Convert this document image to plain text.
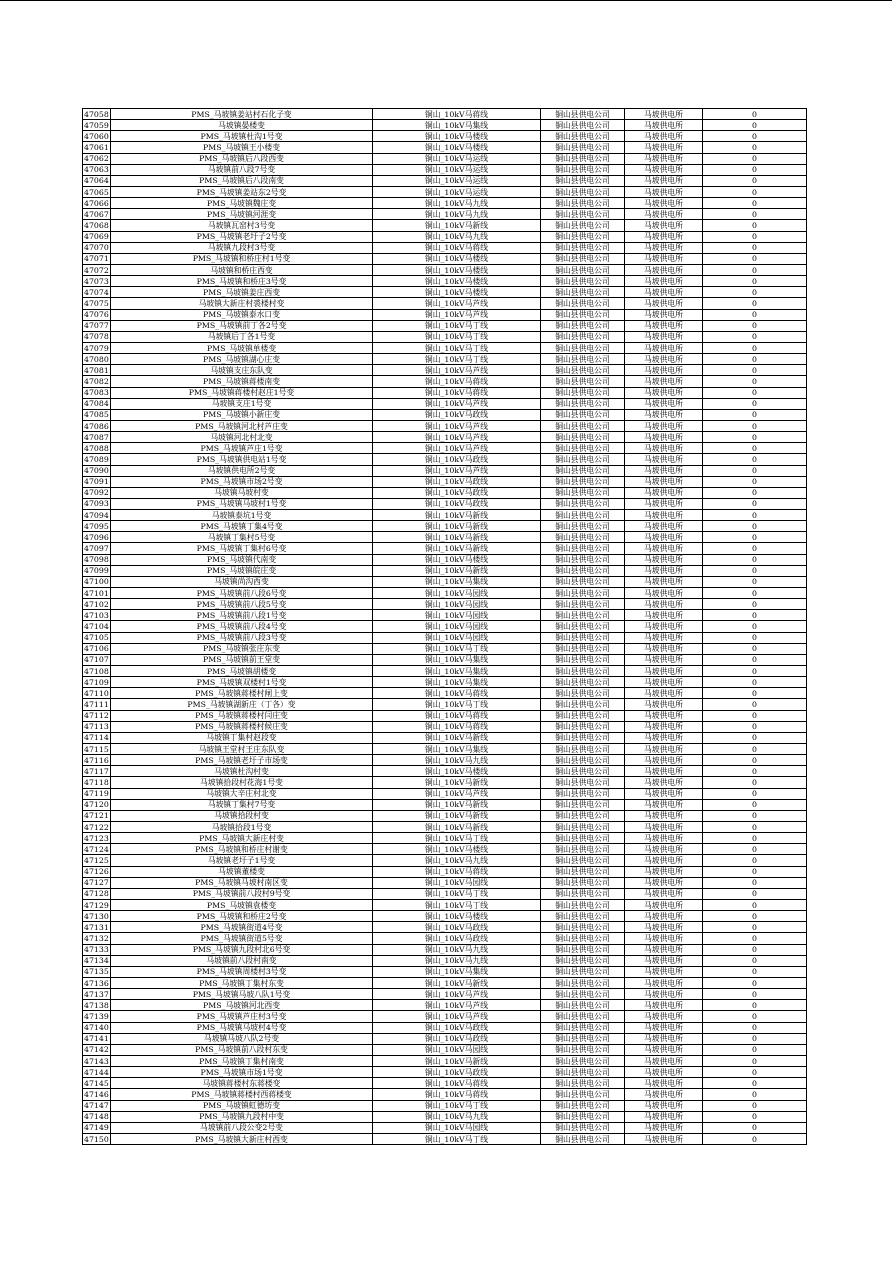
47058	PMS_马坡镇姜站村石化子变	铜山_10kV马蒋线	铜山县供电公司	马坡供电所	0
47059	马坡镇晏楼变	铜山_10kV马集线	铜山县供电公司	马坡供电所	0
47060	PMS_马坡镇杜沟1号变	铜山_10kV马楼线	铜山县供电公司	马坡供电所	0
47061	PMS_马坡镇王小楼变	铜山_10kV马楼线	铜山县供电公司	马坡供电所	0
47062	PMS_马坡镇后八段西变	铜山_10kV马运线	铜山县供电公司	马坡供电所	0
47063	马坡镇前八段7号变	铜山_10kV马运线	铜山县供电公司	马坡供电所	0
47064	PMS_马坡镇后八段南变	铜山_10kV马运线	铜山县供电公司	马坡供电所	0
47065	PMS_马坡镇姜站东2号变	铜山_10kV马运线	铜山县供电公司	马坡供电所	0
47066	PMS_马坡镇魏庄变	铜山_10kV马九线	铜山县供电公司	马坡供电所	0
47067	PMS_马坡镇河涯变	铜山_10kV马九线	铜山县供电公司	马坡供电所	0
47068	马坡镇瓦窑村3号变	铜山_10kV马新线	铜山县供电公司	马坡供电所	0
47069	PMS_马坡镇老圩子2号变	铜山_10kV马九线	铜山县供电公司	马坡供电所	0
47070	马坡镇九段村3号变	铜山_10kV马蒋线	铜山县供电公司	马坡供电所	0
47071	PMS_马坡镇和桥庄村1号变	铜山_10kV马楼线	铜山县供电公司	马坡供电所	0
47072	马坡镇和桥庄西变	铜山_10kV马楼线	铜山县供电公司	马坡供电所	0
47073	PMS_马坡镇和桥庄3号变	铜山_10kV马楼线	铜山县供电公司	马坡供电所	0
47074	PMS_马坡镇姜庄西变	铜山_10kV马楼线	铜山县供电公司	马坡供电所	0
47075	马坡镇大新庄村裘楼村变	铜山_10kV马芦线	铜山县供电公司	马坡供电所	0
47076	PMS_马坡镇泰水口变	铜山_10kV马芦线	铜山县供电公司	马坡供电所	0
47077	PMS_马坡镇前丁各2号变	铜山_10kV马丁线	铜山县供电公司	马坡供电所	0
47078	马坡镇后丁各1号变	铜山_10kV马丁线	铜山县供电公司	马坡供电所	0
47079	PMS_马坡镇单楼变	铜山_10kV马丁线	铜山县供电公司	马坡供电所	0
47080	PMS_马坡镇湖心庄变	铜山_10kV马丁线	铜山县供电公司	马坡供电所	0
47081	马坡镇支庄东队变	铜山_10kV马芦线	铜山县供电公司	马坡供电所	0
47082	PMS_马坡镇蒋楼南变	铜山_10kV马蒋线	铜山县供电公司	马坡供电所	0
47083	PMS_马坡镇蒋楼村赵庄1号变	铜山_10kV马蒋线	铜山县供电公司	马坡供电所	0
47084	马坡镇支庄1号变	铜山_10kV马芦线	铜山县供电公司	马坡供电所	0
47085	PMS_马坡镇小新庄变	铜山_10kV马政线	铜山县供电公司	马坡供电所	0
47086	PMS_马坡镇河北村芦庄变	铜山_10kV马芦线	铜山县供电公司	马坡供电所	0
47087	马坡镇河北村北变	铜山_10kV马芦线	铜山县供电公司	马坡供电所	0
47088	PMS_马坡镇芦庄1号变	铜山_10kV马芦线	铜山县供电公司	马坡供电所	0
47089	PMS_马坡镇供电站1号变	铜山_10kV马政线	铜山县供电公司	马坡供电所	0
47090	马坡镇供电所2号变	铜山_10kV马芦线	铜山县供电公司	马坡供电所	0
47091	PMS_马坡镇市场2号变	铜山_10kV马政线	铜山县供电公司	马坡供电所	0
47092	马坡镇马坡村变	铜山_10kV马政线	铜山县供电公司	马坡供电所	0
47093	PMS_马坡镇马坡村1号变	铜山_10kV马政线	铜山县供电公司	马坡供电所	0
47094	马坡镇泰坑1号变	铜山_10kV马新线	铜山县供电公司	马坡供电所	0
47095	PMS_马坡镇丁集4号变	铜山_10kV马新线	铜山县供电公司	马坡供电所	0
47096	马坡镇丁集村5号变	铜山_10kV马新线	铜山县供电公司	马坡供电所	0
47097	PMS_马坡镇丁集村6号变	铜山_10kV马新线	铜山县供电公司	马坡供电所	0
47098	PMS_马坡镇代南变	铜山_10kV马楼线	铜山县供电公司	马坡供电所	0
47099	PMS_马坡镇皖庄变	铜山_10kV马新线	铜山县供电公司	马坡供电所	0
47100	马坡镇尚沟西变	铜山_10kV马集线	铜山县供电公司	马坡供电所	0
47101	PMS_马坡镇前八段6号变	铜山_10kV马园线	铜山县供电公司	马坡供电所	0
47102	PMS_马坡镇前八段5号变	铜山_10kV马园线	铜山县供电公司	马坡供电所	0
47103	PMS_马坡镇前八段1号变	铜山_10kV马园线	铜山县供电公司	马坡供电所	0
47104	PMS_马坡镇前八段4号变	铜山_10kV马园线	铜山县供电公司	马坡供电所	0
47105	PMS_马坡镇前八段3号变	铜山_10kV马园线	铜山县供电公司	马坡供电所	0
47106	PMS_马坡镇张庄东变	铜山_10kV马丁线	铜山县供电公司	马坡供电所	0
47107	PMS_马坡镇前王堂变	铜山_10kV马集线	铜山县供电公司	马坡供电所	0
47108	PMS_马坡镇胡楼变	铜山_10kV马集线	铜山县供电公司	马坡供电所	0
47109	PMS_马坡镇双楼村1号变	铜山_10kV马集线	铜山县供电公司	马坡供电所	0
47110	PMS_马坡镇蒋楼村闸上变	铜山_10kV马蒋线	铜山县供电公司	马坡供电所	0
47111	PMS_马坡镇湖新庄（丁各）变	铜山_10kV马丁线	铜山县供电公司	马坡供电所	0
47112	PMS_马坡镇蒋楼村闫庄变	铜山_10kV马蒋线	铜山县供电公司	马坡供电所	0
47113	PMS_马坡镇蒋楼村候庄变	铜山_10kV马蒋线	铜山县供电公司	马坡供电所	0
47114	马坡镇丁集村赵段变	铜山_10kV马新线	铜山县供电公司	马坡供电所	0
47115	马坡镇王堂村王庄东队变	铜山_10kV马集线	铜山县供电公司	马坡供电所	0
47116	PMS_马坡镇老圩子市场变	铜山_10kV马九线	铜山县供电公司	马坡供电所	0
47117	马坡镇杜沟村变	铜山_10kV马楼线	铜山县供电公司	马坡供电所	0
47118	马坡镇拾段村花海1号变	铜山_10kV马新线	铜山县供电公司	马坡供电所	0
47119	马坡镇大辛庄村北变	铜山_10kV马芦线	铜山县供电公司	马坡供电所	0
47120	马坡镇丁集村7号变	铜山_10kV马新线	铜山县供电公司	马坡供电所	0
47121	马坡镇拾段村变	铜山_10kV马新线	铜山县供电公司	马坡供电所	0
47122	马坡镇拾段1号变	铜山_10kV马新线	铜山县供电公司	马坡供电所	0
47123	PMS_马坡镇大新庄村变	铜山_10kV马丁线	铜山县供电公司	马坡供电所	0
47124	PMS_马坡镇和桥庄村谢变	铜山_10kV马楼线	铜山县供电公司	马坡供电所	0
47125	马坡镇老圩子1号变	铜山_10kV马九线	铜山县供电公司	马坡供电所	0
47126	马坡镇董楼变	铜山_10kV马蒋线	铜山县供电公司	马坡供电所	0
47127	PMS_马坡镇马坡村南区变	铜山_10kV马园线	铜山县供电公司	马坡供电所	0
47128	PMS_马坡镇前八段村9号变	铜山_10kV马丁线	铜山县供电公司	马坡供电所	0
47129	PMS_马坡镇袁楼变	铜山_10kV马丁线	铜山县供电公司	马坡供电所	0
47130	PMS_马坡镇和桥庄2号变	铜山_10kV马楼线	铜山县供电公司	马坡供电所	0
47131	PMS_马坡镇街道4号变	铜山_10kV马政线	铜山县供电公司	马坡供电所	0
47132	PMS_马坡镇街道5号变	铜山_10kV马政线	铜山县供电公司	马坡供电所	0
47133	PMS_马坡镇九段村北6号变	铜山_10kV马九线	铜山县供电公司	马坡供电所	0
47134	马坡镇前八段村南变	铜山_10kV马九线	铜山县供电公司	马坡供电所	0
47135	PMS_马坡镇周楼村3号变	铜山_10kV马集线	铜山县供电公司	马坡供电所	0
47136	PMS_马坡镇丁集村东变	铜山_10kV马新线	铜山县供电公司	马坡供电所	0
47137	PMS_马坡镇马坡八队1号变	铜山_10kV马芦线	铜山县供电公司	马坡供电所	0
47138	PMS_马坡镇河北西变	铜山_10kV马芦线	铜山县供电公司	马坡供电所	0
47139	PMS_马坡镇芦庄村3号变	铜山_10kV马芦线	铜山县供电公司	马坡供电所	0
47140	PMS_马坡镇马坡村4号变	铜山_10kV马政线	铜山县供电公司	马坡供电所	0
47141	马坡镇马坡八队2号变	铜山_10kV马政线	铜山县供电公司	马坡供电所	0
47142	PMS_马坡镇前八段村东变	铜山_10kV马园线	铜山县供电公司	马坡供电所	0
47143	PMS_马坡镇丁集村南变	铜山_10kV马新线	铜山县供电公司	马坡供电所	0
47144	PMS_马坡镇市场1号变	铜山_10kV马政线	铜山县供电公司	马坡供电所	0
47145	马坡镇蒋楼村东蒋楼变	铜山_10kV马蒋线	铜山县供电公司	马坡供电所	0
47146	PMS_马坡镇蒋楼村西蒋楼变	铜山_10kV马蒋线	铜山县供电公司	马坡供电所	0
47147	PMS_马坡镇虹德坊变	铜山_10kV马丁线	铜山县供电公司	马坡供电所	0
47148	PMS_马坡镇九段村中变	铜山_10kV马九线	铜山县供电公司	马坡供电所	0
47149	马坡镇前八段公变2号变	铜山_10kV马园线	铜山县供电公司	马坡供电所	0
47150	PMS_马坡镇大新庄村西变	铜山_10kV马丁线	铜山县供电公司	马坡供电所	0
